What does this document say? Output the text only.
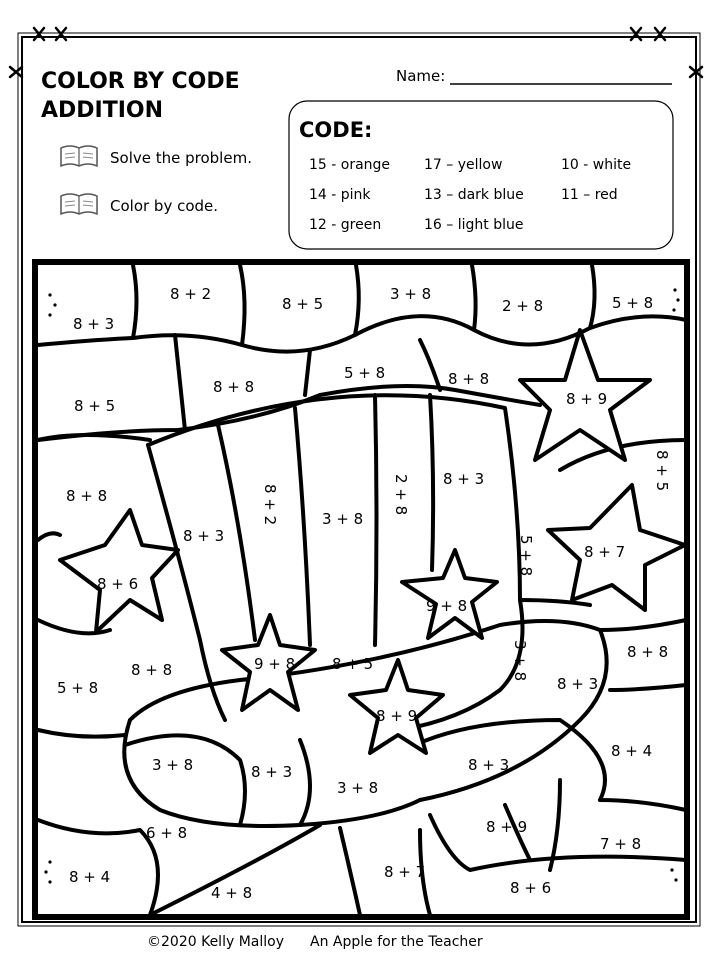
COLOR BY CODE
ADDITION
Name:
Solve the problem.
Color by code.
CODE:
15 - orange 17 – yellow	10 - white
14 - pink	13 – dark blue	11 – red
12 - green	16 – light blue
8 + 2
8 + 5
3 + 8
2 + 8	5 + 8
8 + 3
8 + 5
8 + 8
5 + 8	8 + 8
8 + 9
8 + 5
8 + 8	8 + 2	3 + 8
2 + 8 8 + 3
8 + 3
8 + 6
5 + 8	8 + 7
9 + 8
8 + 8
8 + 8	9 + 8 8 + 5	3 + 8
5 + 8	8 + 3
8 + 9
3 + 8	8 + 3	8 + 3
8 + 4
3 + 8
6 + 8	8 + 9
7 + 8
8 + 4	8 + 7
4 + 8	8 + 6
©2020 Kelly Malloy An Apple for the Teacher
